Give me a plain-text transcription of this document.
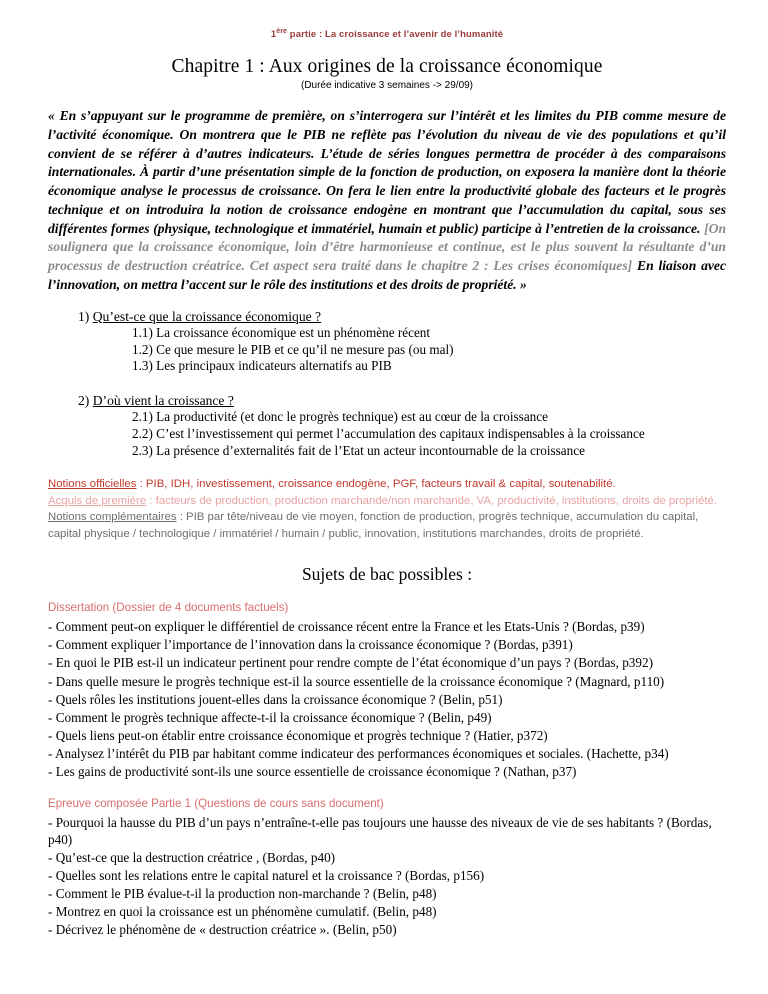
1ère partie : La croissance et l’avenir de l’humanité
Chapitre 1 : Aux origines de la croissance économique
(Durée indicative 3 semaines -> 29/09)
« En s’appuyant sur le programme de première, on s’interrogera sur l’intérêt et les limites du PIB comme mesure de l’activité économique. On montrera que le PIB ne reflète pas l’évolution du niveau de vie des populations et qu’il convient de se référer à d’autres indicateurs. L’étude de séries longues permettra de procéder à des comparaisons internationales. À partir d’une présentation simple de la fonction de production, on exposera la manière dont la théorie économique analyse le processus de croissance. On fera le lien entre la productivité globale des facteurs et le progrès technique et on introduira la notion de croissance endogène en montrant que l’accumulation du capital, sous ses différentes formes (physique, technologique et immatériel, humain et public) participe à l’entretien de la croissance. [On soulignera que la croissance économique, loin d’être harmonieuse et continue, est le plus souvent la résultante d’un processus de destruction créatrice. Cet aspect sera traité dans le chapitre 2 : Les crises économiques] En liaison avec l’innovation, on mettra l’accent sur le rôle des institutions et des droits de propriété. »
1) Qu’est-ce que la croissance économique ?
1.1) La croissance économique est un phénomène récent
1.2) Ce que mesure le PIB et ce qu’il ne mesure pas (ou mal)
1.3) Les principaux indicateurs alternatifs au PIB
2) D’où vient la croissance ?
2.1) La productivité (et donc le progrès technique) est au cœur de la croissance
2.2) C’est l’investissement qui permet l’accumulation des capitaux indispensables à la croissance
2.3) La présence d’externalités fait de l’Etat un acteur incontournable de la croissance
Notions officielles : PIB, IDH, investissement, croissance endogène, PGF, facteurs travail & capital, soutenabilité.
Acquis de première : facteurs de production, production marchande/non marchande, VA, productivité, institutions, droits de propriété.
Notions complémentaires : PIB par tête/niveau de vie moyen, fonction de production, progrès technique, accumulation du capital, capital physique / technologique / immatériel / humain / public, innovation, institutions marchandes, droits de propriété.
Sujets de bac possibles :
Dissertation (Dossier de 4 documents factuels)
- Comment peut-on expliquer le différentiel de croissance récent entre la France et les Etats-Unis ? (Bordas, p39)
- Comment expliquer l’importance de l’innovation dans la croissance économique ? (Bordas, p391)
- En quoi le PIB est-il un indicateur pertinent pour rendre compte de l’état économique d’un pays ? (Bordas, p392)
- Dans quelle mesure le progrès technique est-il la source essentielle de la croissance économique ? (Magnard, p110)
- Quels rôles les institutions jouent-elles dans la croissance économique ? (Belin, p51)
- Comment le progrès technique affecte-t-il la croissance économique ? (Belin, p49)
- Quels liens peut-on établir entre croissance économique et progrès technique ? (Hatier, p372)
- Analysez l’intérêt du PIB par habitant comme indicateur des performances économiques et sociales. (Hachette, p34)
- Les gains de productivité sont-ils une source essentielle de croissance économique ? (Nathan, p37)
Epreuve composée Partie 1 (Questions de cours sans document)
- Pourquoi la hausse du PIB d’un pays n’entraîne-t-elle pas toujours une hausse des niveaux de vie de ses habitants ? (Bordas, p40)
- Qu’est-ce que la destruction créatrice , (Bordas, p40)
- Quelles sont les relations entre le capital naturel et la croissance ? (Bordas, p156)
- Comment le PIB évalue-t-il la production non-marchande ? (Belin, p48)
- Montrez en quoi la croissance est un phénomène cumulatif. (Belin, p48)
- Décrivez le phénomène de « destruction créatrice ». (Belin, p50)
